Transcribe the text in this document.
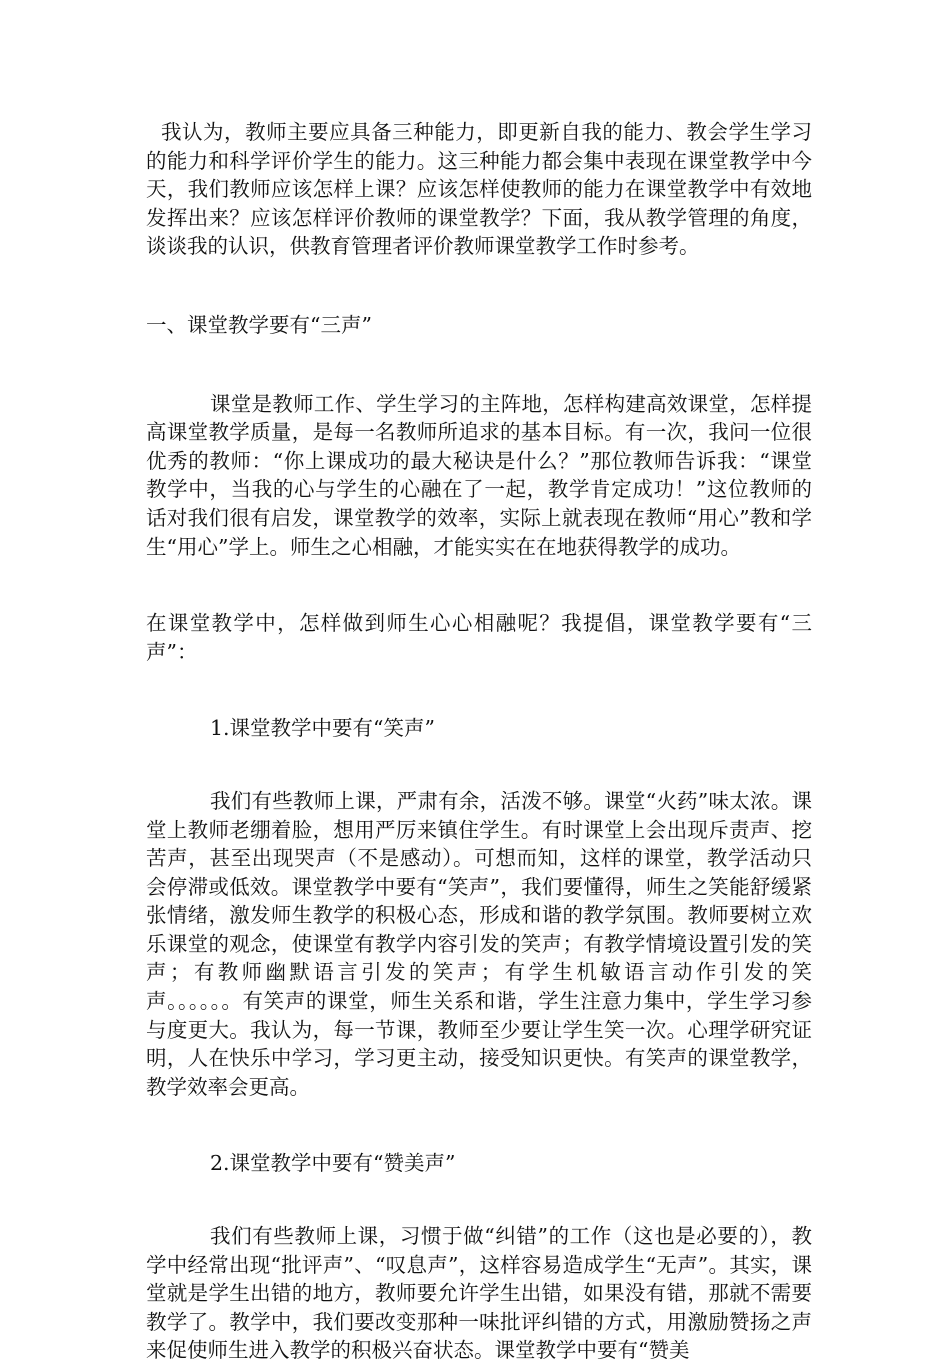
我认为，教师主要应具备三种能力，即更新自我的能力、教会学生学习的能力和科学评价学生的能力。这三种能力都会集中表现在课堂教学中今天，我们教师应该怎样上课？应该怎样使教师的能力在课堂教学中有效地发挥出来？应该怎样评价教师的课堂教学？下面，我从教学管理的角度，谈谈我的认识，供教育管理者评价教师课堂教学工作时参考。

一、课堂教学要有“三声”

课堂是教师工作、学生学习的主阵地，怎样构建高效课堂，怎样提高课堂教学质量，是每一名教师所追求的基本目标。有一次，我问一位很优秀的教师：“你上课成功的最大秘诀是什么？”那位教师告诉我：“课堂教学中，当我的心与学生的心融在了一起，教学肯定成功！”这位教师的话对我们很有启发，课堂教学的效率，实际上就表现在教师“用心”教和学生“用心”学上。师生之心相融，才能实实在在地获得教学的成功。

在课堂教学中，怎样做到师生心心相融呢？我提倡，课堂教学要有“三声”：

1.课堂教学中要有“笑声”

我们有些教师上课，严肃有余，活泼不够。课堂“火药”味太浓。课堂上教师老绷着脸，想用严厉来镇住学生。有时课堂上会出现斥责声、挖苦声，甚至出现哭声（不是感动）。可想而知，这样的课堂，教学活动只会停滞或低效。课堂教学中要有“笑声”，我们要懂得，师生之笑能舒缓紧张情绪，激发师生教学的积极心态，形成和谐的教学氛围。教师要树立欢乐课堂的观念，使课堂有教学内容引发的笑声；有教学情境设置引发的笑声；有教师幽默语言引发的笑声；有学生机敏语言动作引发的笑声。。。。。。有笑声的课堂，师生关系和谐，学生注意力集中，学生学习参与度更大。我认为，每一节课，教师至少要让学生笑一次。心理学研究证明，人在快乐中学习，学习更主动，接受知识更快。有笑声的课堂教学，教学效率会更高。

2.课堂教学中要有“赞美声”

我们有些教师上课，习惯于做“纠错”的工作（这也是必要的），教学中经常出现“批评声”、“叹息声”，这样容易造成学生“无声”。其实，课堂就是学生出错的地方，教师要允许学生出错，如果没有错，那就不需要教学了。教学中，我们要改变那种一味批评纠错的方式，用激励赞扬之声来促使师生进入教学的积极兴奋状态。课堂教学中要有“赞美
